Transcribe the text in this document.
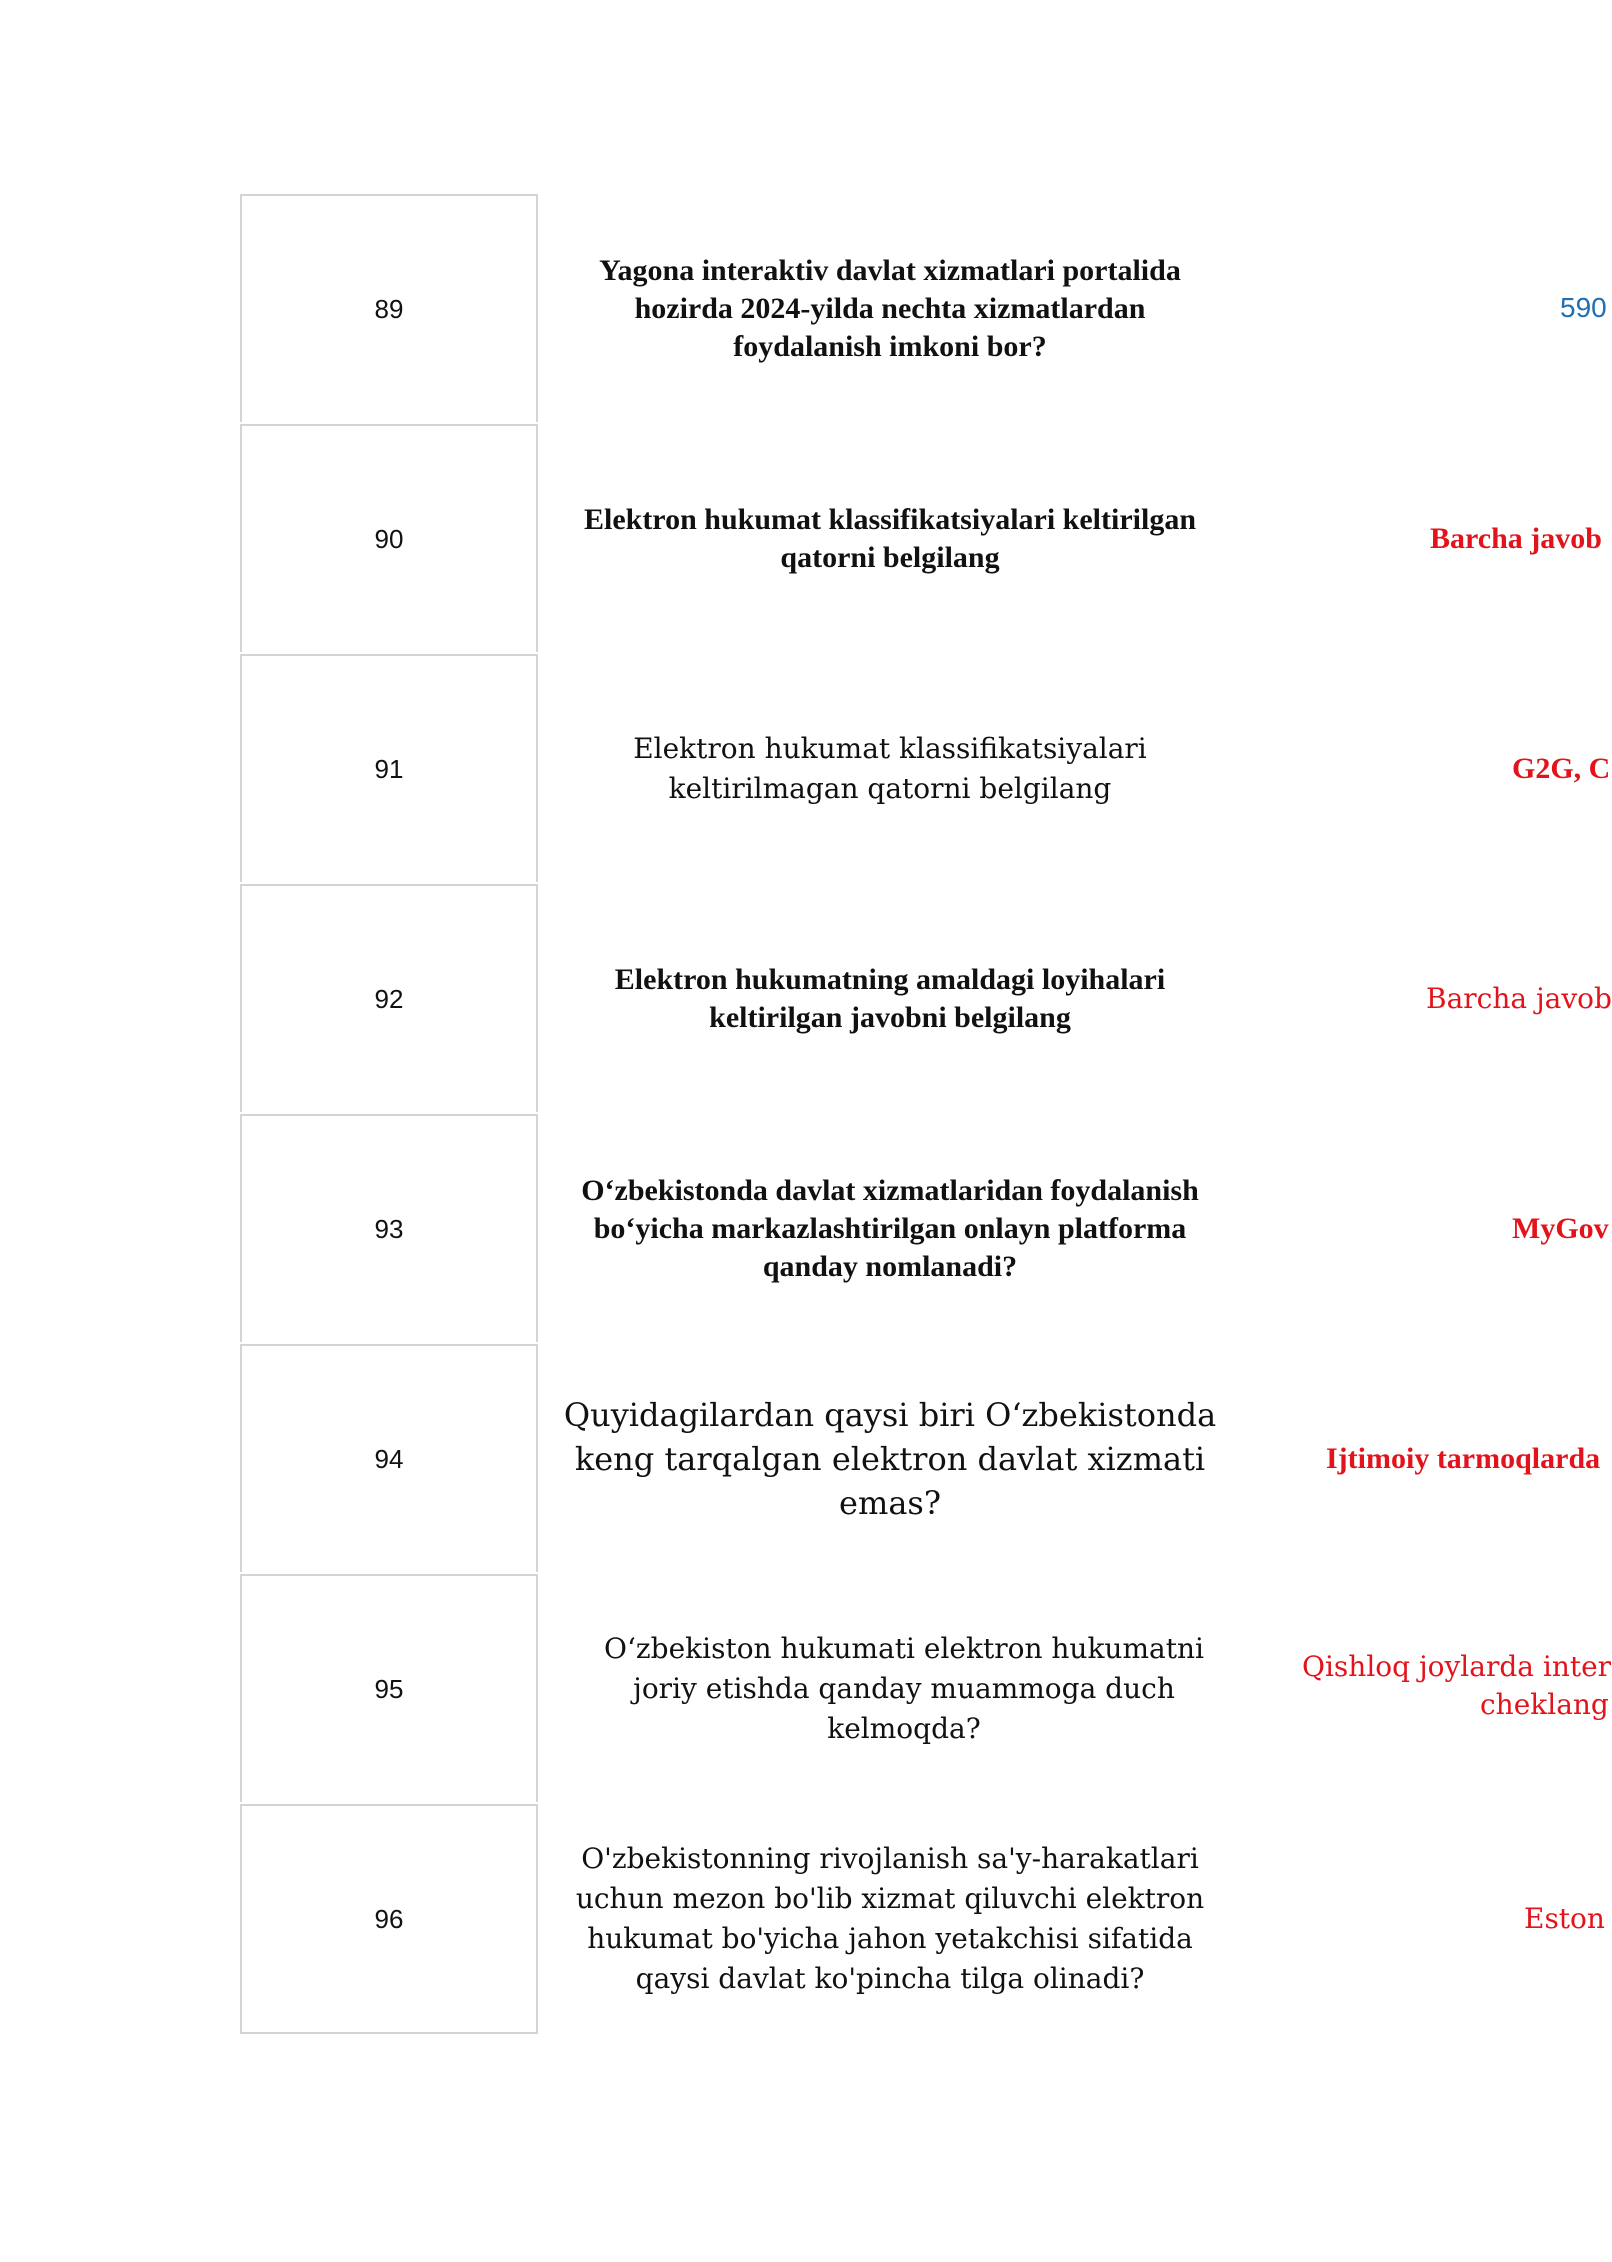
89
Yagona interaktiv davlat xizmatlari portalida hozirda 2024-yilda nechta xizmatlardan foydalanish imkoni bor?
590
90
Elektron hukumat klassifikatsiyalari keltirilgan qatorni belgilang
Barcha javob
91
Elektron hukumat klassifikatsiyalari keltirilmagan qatorni belgilang
G2G, C
92
Elektron hukumatning amaldagi loyihalari keltirilgan javobni belgilang
Barcha javob
93
O‘zbekistonda davlat xizmatlaridan foydalanish bo‘yicha markazlashtirilgan onlayn platforma qanday nomlanadi?
MyGov
94
Quyidagilardan qaysi biri O‘zbekistonda keng tarqalgan elektron davlat xizmati emas?
Ijtimoiy tarmoqlarda
95
O‘zbekiston hukumati elektron hukumatni joriy etishda qanday muammoga duch kelmoqda?
Qishloq joylarda inter
cheklang
96
O'zbekistonning rivojlanish sa'y-harakatlari uchun mezon bo'lib xizmat qiluvchi elektron hukumat bo'yicha jahon yetakchisi sifatida qaysi davlat ko'pincha tilga olinadi?
Eston
